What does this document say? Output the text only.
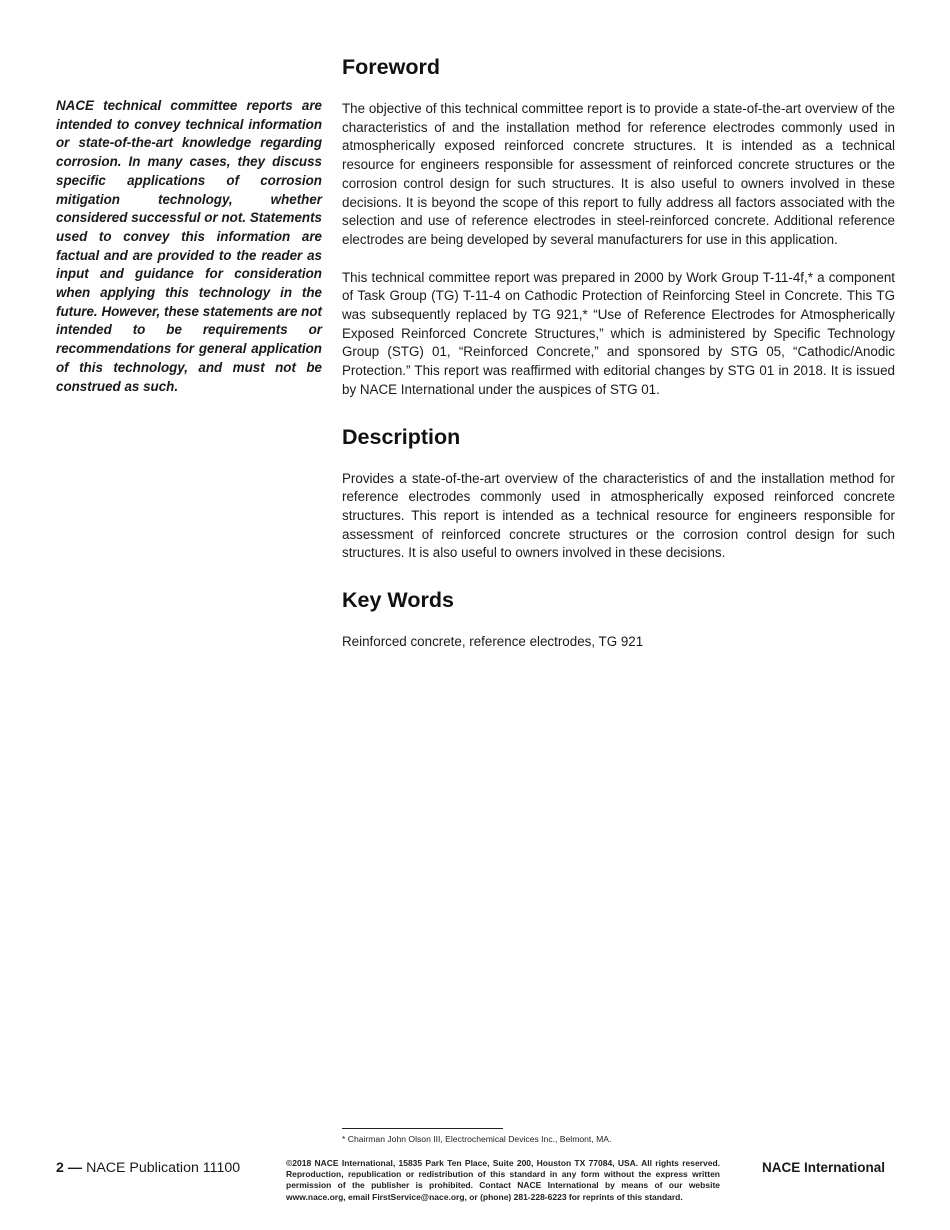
NACE technical committee reports are intended to convey technical information or state-of-the-art knowledge regarding corrosion. In many cases, they discuss specific applications of corrosion mitigation technology, whether considered successful or not. Statements used to convey this information are factual and are provided to the reader as input and guidance for consideration when applying this technology in the future. However, these statements are not intended to be requirements or recommendations for general application of this technology, and must not be construed as such.
Foreword

The objective of this technical committee report is to provide a state-of-the-art overview of the characteristics of and the installation method for reference electrodes commonly used in atmospherically exposed reinforced concrete structures. It is intended as a technical resource for engineers responsible for assessment of reinforced concrete structures or the corrosion control design for such structures. It is also useful to owners involved in these decisions. It is beyond the scope of this report to fully address all factors associated with the selection and use of reference electrodes in steel-reinforced concrete. Additional reference electrodes are being developed by several manufacturers for use in this application.

This technical committee report was prepared in 2000 by Work Group T-11-4f,* a component of Task Group (TG) T-11-4 on Cathodic Protection of Reinforcing Steel in Concrete. This TG was subsequently replaced by TG 921,* “Use of Reference Electrodes for Atmospherically Exposed Reinforced Concrete Structures,” which is administered by Specific Technology Group (STG) 01, “Reinforced Concrete,” and sponsored by STG 05, “Cathodic/Anodic Protection.” This report was reaffirmed with editorial changes by STG 01 in 2018. It is issued by NACE International under the auspices of STG 01.

Description

Provides a state-of-the-art overview of the characteristics of and the installation method for reference electrodes commonly used in atmospherically exposed reinforced concrete structures. This report is intended as a technical resource for engineers responsible for assessment of reinforced concrete structures or the corrosion control design for such structures. It is also useful to owners involved in these decisions.

Key Words

Reinforced concrete, reference electrodes, TG 921

* Chairman John Olson III, Electrochemical Devices Inc., Belmont, MA.
2 — NACE Publication 11100	©2018 NACE International, 15835 Park Ten Place, Suite 200, Houston TX 77084, USA. All rights reserved. Reproduction, republication or redistribution of this standard in any form without the express written permission of the publisher is prohibited. Contact NACE International by means of our website www.nace.org, email FirstService@nace.org, or (phone) 281-228-6223 for reprints of this standard.
NACE International
